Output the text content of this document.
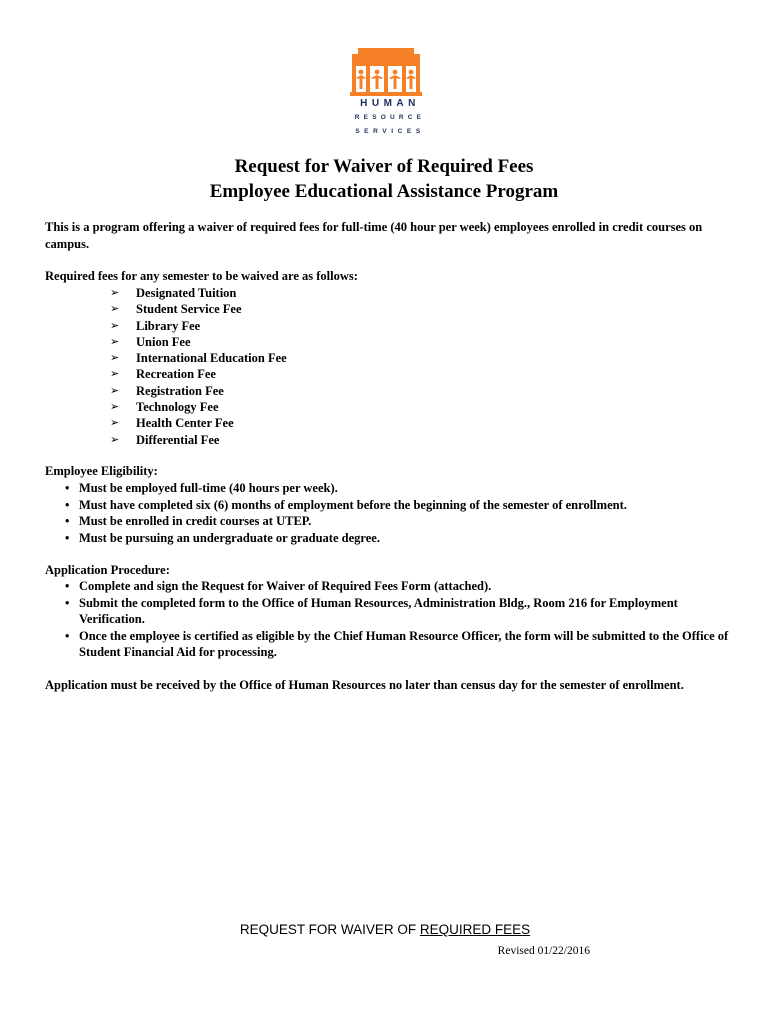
HUMAN
RESOURCE
SERVICES
Request for Waiver of Required Fees
Employee Educational Assistance Program
This is a program offering a waiver of required fees for full-time (40 hour per week) employees enrolled in credit courses on campus.
Required fees for any semester to be waived are as follows:
➢ Designated Tuition
➢ Student Service Fee
➢ Library Fee
➢ Union Fee
➢ International Education Fee
➢ Recreation Fee
➢ Registration Fee
➢ Technology Fee
➢ Health Center Fee
➢ Differential Fee
Employee Eligibility:
• Must be employed full-time (40 hours per week).
• Must have completed six (6) months of employment before the beginning of the semester of enrollment.
• Must be enrolled in credit courses at UTEP.
• Must be pursuing an undergraduate or graduate degree.
Application Procedure:
• Complete and sign the Request for Waiver of Required Fees Form (attached).
• Submit the completed form to the Office of Human Resources, Administration Bldg., Room 216 for Employment Verification.
• Once the employee is certified as eligible by the Chief Human Resource Officer, the form will be submitted to the Office of Student Financial Aid for processing.
Application must be received by the Office of Human Resources no later than census day for the semester of enrollment.
REQUEST FOR WAIVER OF REQUIRED FEES
Revised 01/22/2016
